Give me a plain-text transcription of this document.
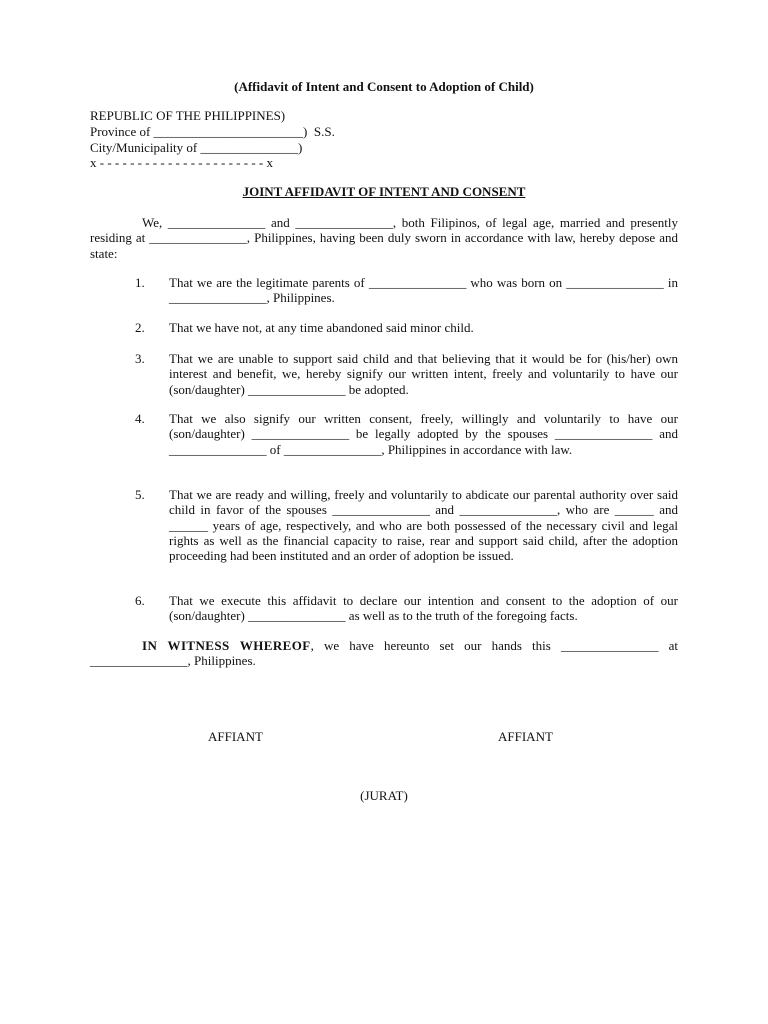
(Affidavit of Intent and Consent to Adoption of Child)
REPUBLIC OF THE PHILIPPINES)
Province of _______________________)  S.S.
City/Municipality of _______________)
x - - - - - - - - - - - - - - - - - - - - - - x
JOINT AFFIDAVIT OF INTENT AND CONSENT
We, _______________ and _______________, both Filipinos, of legal age, married and presently residing at _______________, Philippines, having been duly sworn in accordance with law, hereby depose and state:
1. That we are the legitimate parents of _______________ who was born on _______________ in _______________, Philippines.
2. That we have not, at any time abandoned said minor child.
3. That we are unable to support said child and that believing that it would be for (his/her) own interest and benefit, we, hereby signify our written intent, freely and voluntarily to have our (son/daughter) _______________ be adopted.
4. That we also signify our written consent, freely, willingly and voluntarily to have our (son/daughter) _______________ be legally adopted by the spouses _______________ and _______________ of _______________, Philippines in accordance with law.
5. That we are ready and willing, freely and voluntarily to abdicate our parental authority over said child in favor of the spouses _______________ and _______________, who are ______ and ______ years of age, respectively, and who are both possessed of the necessary civil and legal rights as well as the financial capacity to raise, rear and support said child, after the adoption proceeding had been instituted and an order of adoption be issued.
6. That we execute this affidavit to declare our intention and consent to the adoption of our (son/daughter) _______________ as well as to the truth of the foregoing facts.
IN WITNESS WHEREOF, we have hereunto set our hands this _______________ at _______________, Philippines.
AFFIANT	AFFIANT
(JURAT)
